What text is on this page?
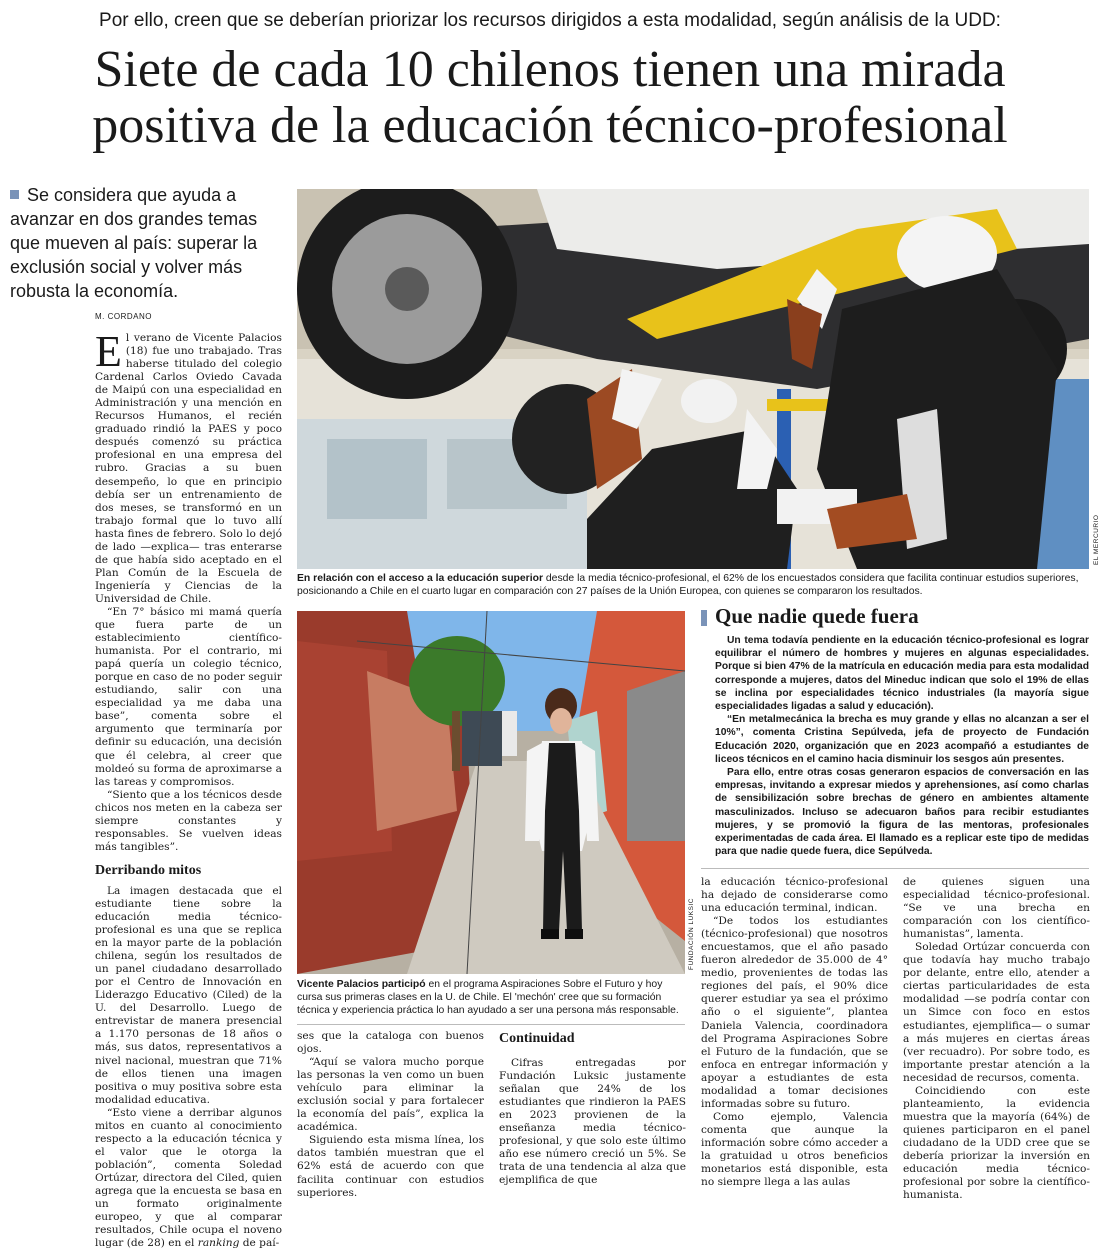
Por ello, creen que se deberían priorizar los recursos dirigidos a esta modalidad, según análisis de la UDD:
Siete de cada 10 chilenos tienen una mirada
positiva de la educación técnico-profesional
Se considera que ayuda a avanzar en dos grandes temas que mueven al país: superar la exclusión social y volver más robusta la economía.
M. CORDANO

El verano de Vicente Palacios (18) fue uno trabajado. Tras haberse titulado del colegio Cardenal Carlos Oviedo Cavada de Maipú con una especialidad en Administración y una mención en Recursos Humanos, el recién graduado rindió la PAES y poco después comenzó su práctica profesional en una empresa del rubro. Gracias a su buen desempeño, lo que en principio debía ser un entrenamiento de dos meses, se transformó en un trabajo formal que lo tuvo allí hasta fines de febrero. Solo lo dejó de lado —explica— tras enterarse de que había sido aceptado en el Plan Común de la Escuela de Ingeniería y Ciencias de la Universidad de Chile.

“En 7° básico mi mamá quería que fuera parte de un establecimiento científico-humanista. Por el contrario, mi papá quería un colegio técnico, porque en caso de no poder seguir estudiando, salir con una especialidad ya me daba una base”, comenta sobre el argumento que terminaría por definir su educación, una decisión que él celebra, al creer que moldeó su forma de aproximarse a las tareas y compromisos.

“Siento que a los técnicos desde chicos nos meten en la cabeza ser siempre constantes y responsables. Se vuelven ideas más tangibles”.

Derribando mitos

La imagen destacada que el estudiante tiene sobre la educación media técnico-profesional es una que se replica en la mayor parte de la población chilena, según los resultados de un panel ciudadano desarrollado por el Centro de Innovación en Liderazgo Educativo (Ciled) de la U. del Desarrollo. Luego de entrevistar de manera presencial a 1.170 personas de 18 años o más, sus datos, representativos a nivel nacional, muestran que 71% de ellos tienen una imagen positiva o muy positiva sobre esta modalidad educativa.

“Esto viene a derribar algunos mitos en cuanto al conocimiento respecto a la educación técnica y el valor que le otorga la población”, comenta Soledad Ortúzar, directora del Ciled, quien agrega que la encuesta se basa en un formato originalmente europeo, y que al comparar resultados, Chile ocupa el noveno lugar (de 28) en el ranking de paí-

EL MERCURIO
En relación con el acceso a la educación superior desde la media técnico-profesional, el 62% de los encuestados considera que facilita continuar estudios superiores, posicionando a Chile en el cuarto lugar en comparación con 27 países de la Unión Europea, con quienes se compararon los resultados.
FUNDACIÓN LUKSIC
Vicente Palacios participó en el programa Aspiraciones Sobre el Futuro y hoy cursa sus primeras clases en la U. de Chile. El 'mechón' cree que su formación técnica y experiencia práctica lo han ayudado a ser una persona más responsable.
Que nadie quede fuera

Un tema todavía pendiente en la educación técnico-profesional es lograr equilibrar el número de hombres y mujeres en algunas especialidades. Porque si bien 47% de la matrícula en educación media para esta modalidad corresponde a mujeres, datos del Mineduc indican que solo el 19% de ellas se inclina por especialidades técnico industriales (la mayoría sigue especialidades ligadas a salud y educación).

“En metalmecánica la brecha es muy grande y ellas no alcanzan a ser el 10%”, comenta Cristina Sepúlveda, jefa de proyecto de Fundación Educación 2020, organización que en 2023 acompañó a estudiantes de liceos técnicos en el camino hacia disminuir los sesgos aún presentes.

Para ello, entre otras cosas generaron espacios de conversación en las empresas, invitando a expresar miedos y aprehensiones, así como charlas de sensibilización sobre brechas de género en ambientes altamente masculinizados. Incluso se adecuaron baños para recibir estudiantes mujeres, y se promovió la figura de las mentoras, profesionales experimentadas de cada área. El llamado es a replicar este tipo de medidas para que nadie quede fuera, dice Sepúlveda.

ses que la cataloga con buenos ojos.

“Aquí se valora mucho porque las personas la ven como un buen vehículo para eliminar la exclusión social y para fortalecer la economía del país”, explica la académica.

Siguiendo esta misma línea, los datos también muestran que el 62% está de acuerdo con que facilita continuar con estudios superiores.

Continuidad

Cifras entregadas por Fundación Luksic justamente señalan que 24% de los estudiantes que rindieron la PAES en 2023 provienen de la enseñanza media técnico-profesional, y que solo este último año ese número creció un 5%. Se trata de una tendencia al alza que ejemplifica de que

la educación técnico-profesional ha dejado de considerarse como una educación terminal, indican.

“De todos los estudiantes (técnico-profesional) que nosotros encuestamos, que el año pasado fueron alrededor de 35.000 de 4° medio, provenientes de todas las regiones del país, el 90% dice querer estudiar ya sea el próximo año o el siguiente”, plantea Daniela Valencia, coordinadora del Programa Aspiraciones Sobre el Futuro de la fundación, que se enfoca en entregar información y apoyar a estudiantes de esta modalidad a tomar decisiones informadas sobre su futuro.

Como ejemplo, Valencia comenta que aunque la información sobre cómo acceder a la gratuidad u otros beneficios monetarios está disponible, esta no siempre llega a las aulas

de quienes siguen una especialidad técnico-profesional. “Se ve una brecha en comparación con los científico-humanistas”, lamenta.

Soledad Ortúzar concuerda con que todavía hay mucho trabajo por delante, entre ello, atender a ciertas particularidades de esta modalidad —se podría contar con un Simce con foco en estos estudiantes, ejemplifica— o sumar a más mujeres en ciertas áreas (ver recuadro). Por sobre todo, es importante prestar atención a la necesidad de recursos, comenta.

Coincidiendo con este planteamiento, la evidencia muestra que la mayoría (64%) de quienes participaron en el panel ciudadano de la UDD cree que se debería priorizar la inversión en educación media técnico-profesional por sobre la científico-humanista.
